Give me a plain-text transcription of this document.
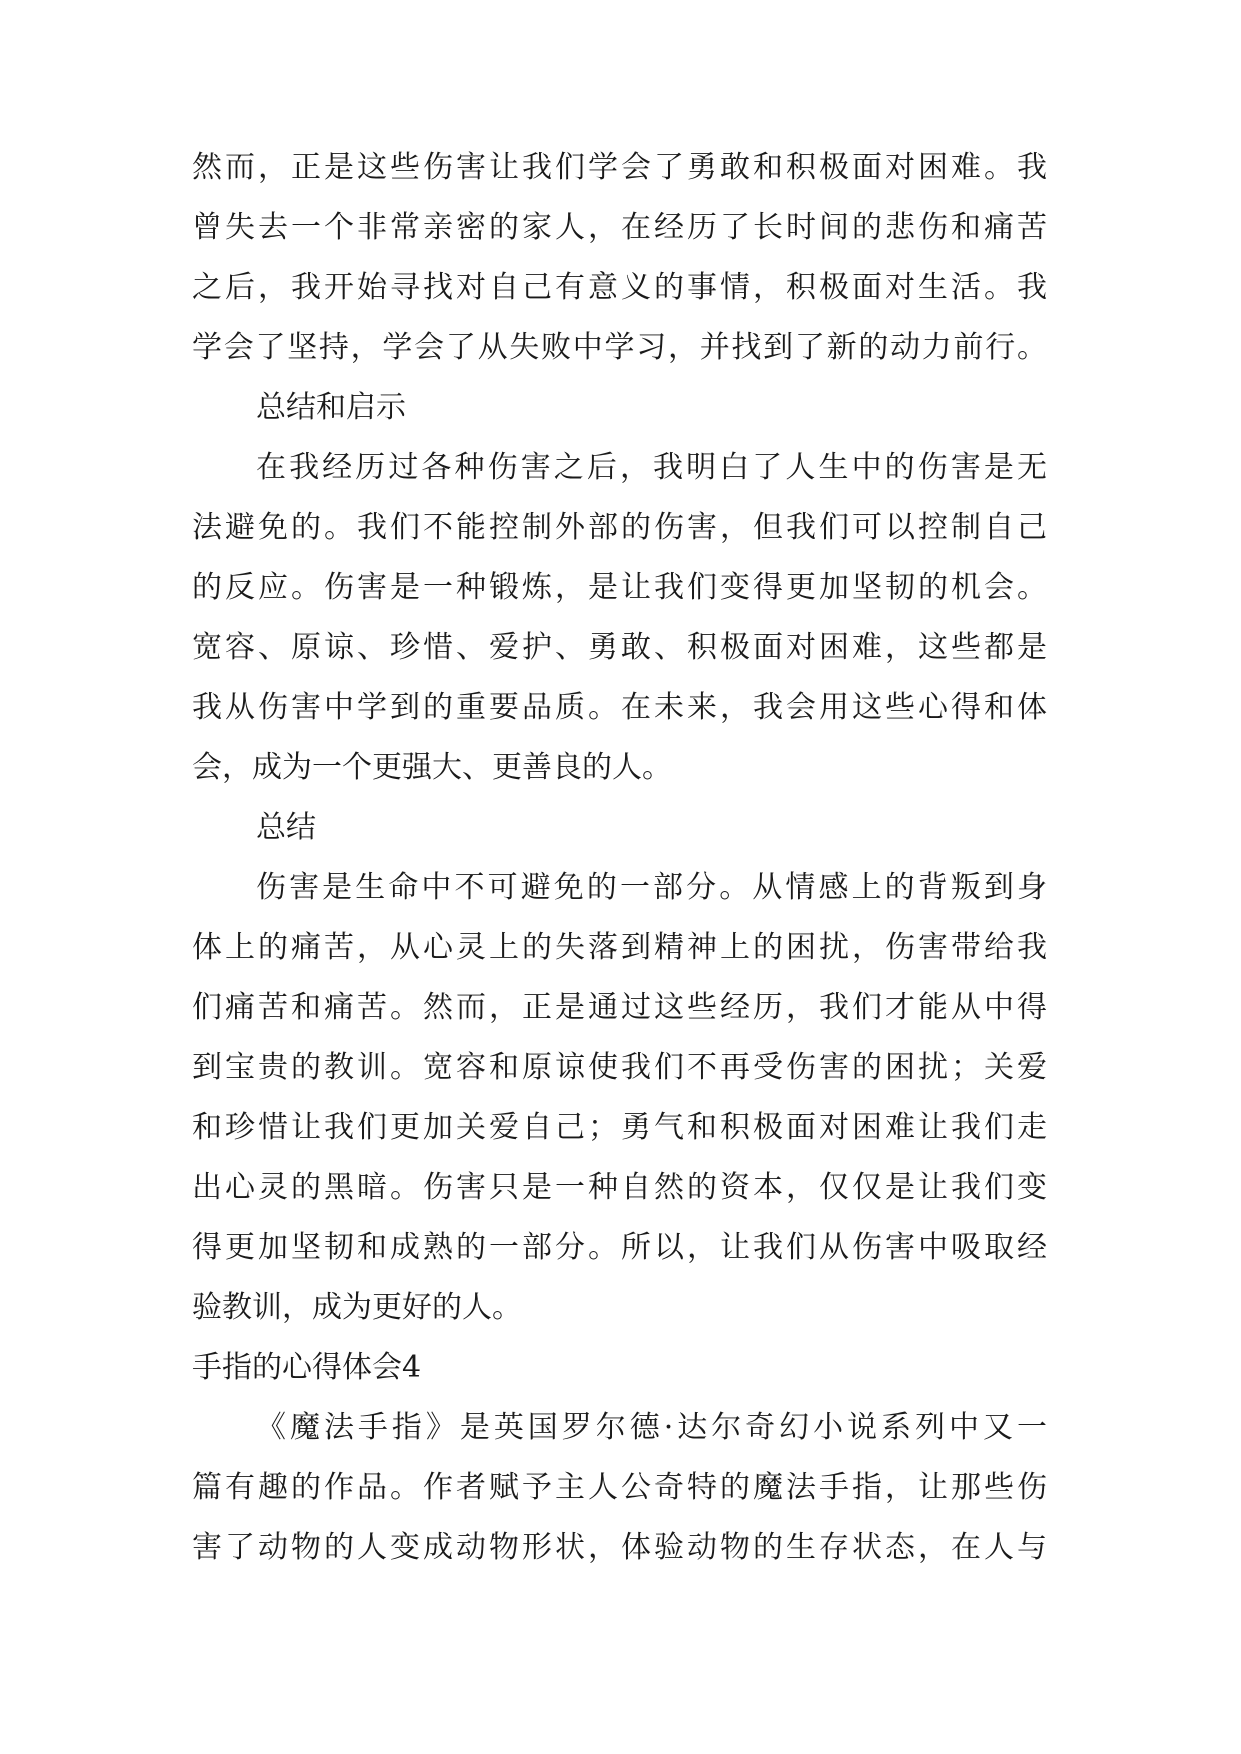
然而，正是这些伤害让我们学会了勇敢和积极面对困难。我
曾失去一个非常亲密的家人，在经历了长时间的悲伤和痛苦
之后，我开始寻找对自己有意义的事情，积极面对生活。我
学会了坚持，学会了从失败中学习，并找到了新的动力前行。
总结和启示
在我经历过各种伤害之后，我明白了人生中的伤害是无
法避免的。我们不能控制外部的伤害，但我们可以控制自己
的反应。伤害是一种锻炼，是让我们变得更加坚韧的机会。
宽容、原谅、珍惜、爱护、勇敢、积极面对困难，这些都是
我从伤害中学到的重要品质。在未来，我会用这些心得和体
会，成为一个更强大、更善良的人。
总结
伤害是生命中不可避免的一部分。从情感上的背叛到身
体上的痛苦，从心灵上的失落到精神上的困扰，伤害带给我
们痛苦和痛苦。然而，正是通过这些经历，我们才能从中得
到宝贵的教训。宽容和原谅使我们不再受伤害的困扰；关爱
和珍惜让我们更加关爱自己；勇气和积极面对困难让我们走
出心灵的黑暗。伤害只是一种自然的资本，仅仅是让我们变
得更加坚韧和成熟的一部分。所以，让我们从伤害中吸取经
验教训，成为更好的人。
手指的心得体会4
《魔法手指》是英国罗尔德·达尔奇幻小说系列中又一
篇有趣的作品。作者赋予主人公奇特的魔法手指，让那些伤
害了动物的人变成动物形状，体验动物的生存状态，在人与
